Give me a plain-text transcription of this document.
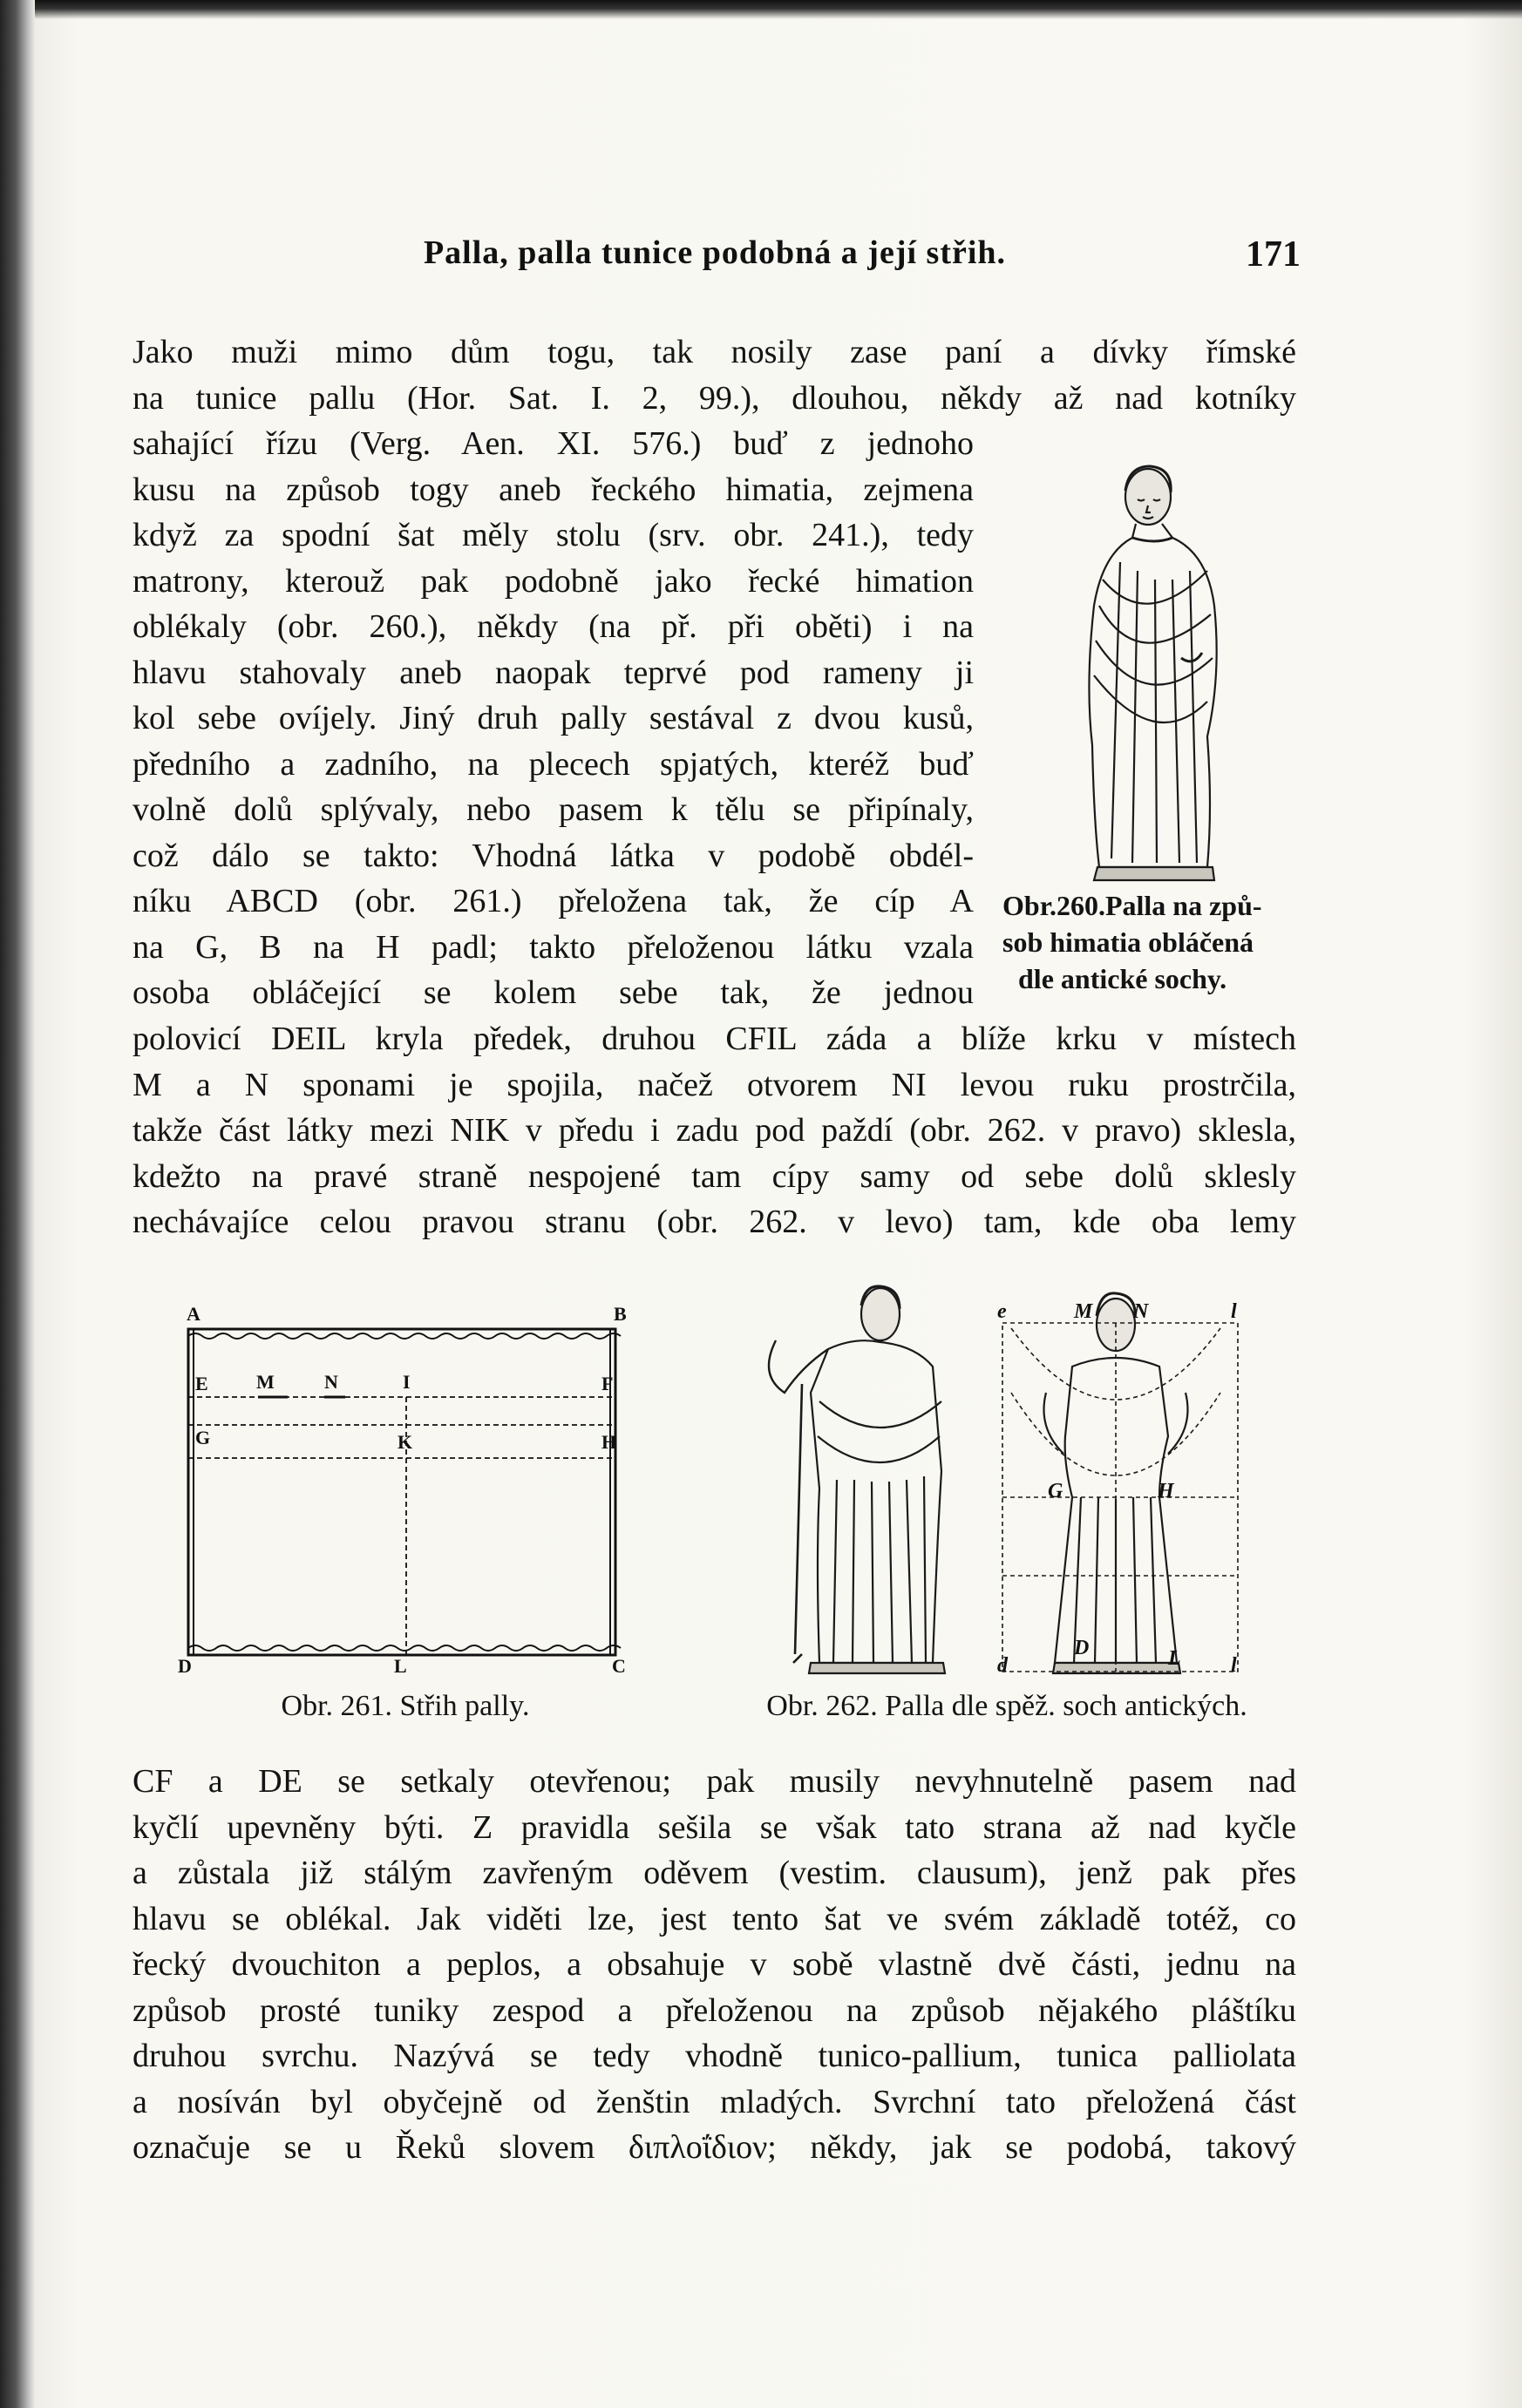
Palla, palla tunice podobná a její střih.	171
Jako muži mimo dům togu, tak nosily zase paní a dívky římské
na tunice pallu (Hor. Sat. I. 2, 99.), dlouhou, někdy až nad kotníky
sahající řízu (Verg. Aen. XI. 576.) buď z jednoho
kusu na způsob togy aneb řeckého himatia, zejmena
když za spodní šat měly stolu (srv. obr. 241.), tedy
matrony, kterouž pak podobně jako řecké himation
oblékaly (obr. 260.), někdy (na př. při oběti) i na
hlavu stahovaly aneb naopak teprvé pod rameny ji
kol sebe ovíjely. Jiný druh pally sestával z dvou kusů,
předního a zadního, na plecech spjatých, kteréž buď
volně dolů splývaly, nebo pasem k tělu se připínaly,
což dálo se takto: Vhodná látka v podobě obdél-
níku ABCD (obr. 261.) přeložena tak, že cíp A
na G, B na H padl; takto přeloženou látku vzala
osoba obláčející se kolem sebe tak, že jednou
polovicí DEIL kryla předek, druhou CFIL záda a blíže krku v místech
M a N sponami je spojila, načež otvorem NI levou ruku prostrčila,
takže část látky mezi NIK v předu i zadu pod paždí (obr. 262. v pravo) sklesla,
kdežto na pravé straně nespojené tam cípy samy od sebe dolů sklesly
nechávajíce celou pravou stranu (obr. 262. v levo) tam, kde oba lemy
Obr.260.Palla na způ-
sob himatia obláčená
dle antické sochy.
A	B
E	M	N	I	F
G	K	H
D	L	C
Obr. 261. Střih pally.
e	M N	l
G	H
d
D	L l
Obr. 262. Palla dle spěž. soch antických.
CF a DE se setkaly otevřenou; pak musily nevyhnutelně pasem nad
kyčlí upevněny býti. Z pravidla sešila se však tato strana až nad kyčle
a zůstala již stálým zavřeným oděvem (vestim. clausum), jenž pak přes
hlavu se oblékal. Jak viděti lze, jest tento šat ve svém základě totéž, co
řecký dvouchiton a peplos, a obsahuje v sobě vlastně dvě části, jednu na
způsob prosté tuniky zespod a přeloženou na způsob nějakého pláštíku
druhou svrchu. Nazývá se tedy vhodně tunico-pallium, tunica palliolata
a nosíván byl obyčejně od ženštin mladých. Svrchní tato přeložená část
označuje se u Řeků slovem διπλοΐδιον; někdy, jak se podobá, takový
